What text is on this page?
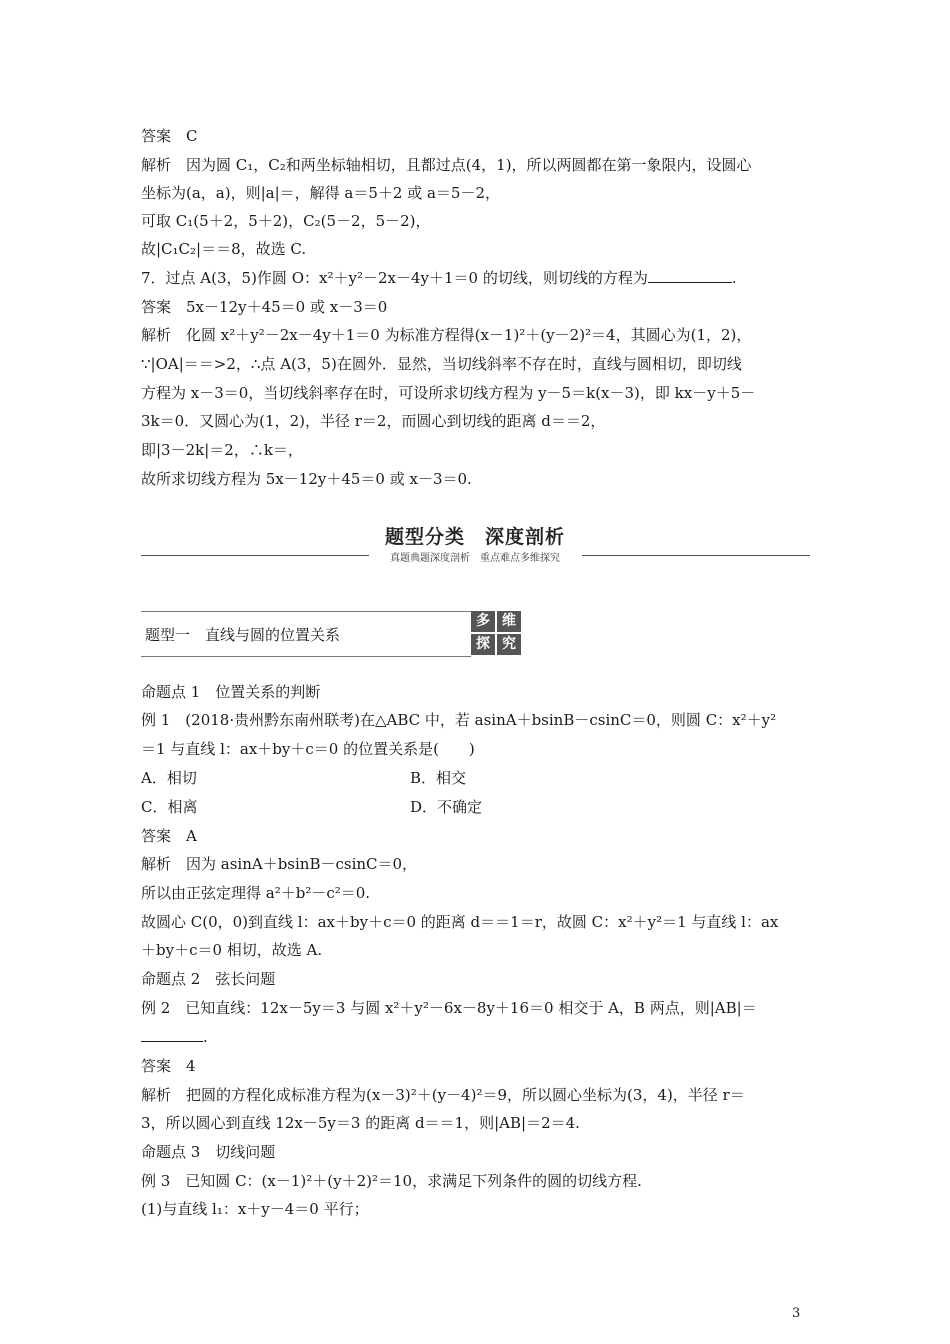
答案　C
解析　因为圆 C₁，C₂和两坐标轴相切，且都过点(4，1)，所以两圆都在第一象限内，设圆心
坐标为(a，a)，则|a|＝，解得 a＝5＋2 或 a＝5－2，
可取 C₁(5＋2，5＋2)，C₂(5－2，5－2)，
故|C₁C₂|＝＝8，故选 C.
7．过点 A(3，5)作圆 O：x²＋y²－2x－4y＋1＝0 的切线，则切线的方程为	.
答案　5x－12y＋45＝0 或 x－3＝0
解析　化圆 x²＋y²－2x－4y＋1＝0 为标准方程得(x－1)²＋(y－2)²＝4，其圆心为(1，2)，
∵|OA|＝＝>2，∴点 A(3，5)在圆外．显然，当切线斜率不存在时，直线与圆相切，即切线
方程为 x－3＝0，当切线斜率存在时，可设所求切线方程为 y－5＝k(x－3)，即 kx－y＋5－
3k＝0．又圆心为(1，2)，半径 r＝2，而圆心到切线的距离 d＝＝2，
即|3－2k|＝2，∴k＝，
故所求切线方程为 5x－12y＋45＝0 或 x－3＝0.
题型分类　深度剖析
真题典题深度剖析　重点难点多维探究
题型一　直线与圆的位置关系
多 维
探 究
命题点 1　位置关系的判断
例 1　(2018·贵州黔东南州联考)在△ABC 中，若 asinA＋bsinB－csinC＝0，则圆 C：x²＋y²
＝1 与直线 l：ax＋by＋c＝0 的位置关系是(　　)
A．相切	B．相交
C．相离	D．不确定
答案　A
解析　因为 asinA＋bsinB－csinC＝0，
所以由正弦定理得 a²＋b²－c²＝0.
故圆心 C(0，0)到直线 l：ax＋by＋c＝0 的距离 d＝＝1＝r，故圆 C：x²＋y²＝1 与直线 l：ax
＋by＋c＝0 相切，故选 A.
命题点 2　弦长问题
例 2　已知直线：12x－5y＝3 与圆 x²＋y²－6x－8y＋16＝0 相交于 A，B 两点，则|AB|＝
.
答案　4
解析　把圆的方程化成标准方程为(x－3)²＋(y－4)²＝9，所以圆心坐标为(3，4)，半径 r＝
3，所以圆心到直线 12x－5y＝3 的距离 d＝＝1，则|AB|＝2＝4.
命题点 3　切线问题
例 3　已知圆 C：(x－1)²＋(y＋2)²＝10，求满足下列条件的圆的切线方程.
(1)与直线 l₁：x＋y－4＝0 平行；
3
